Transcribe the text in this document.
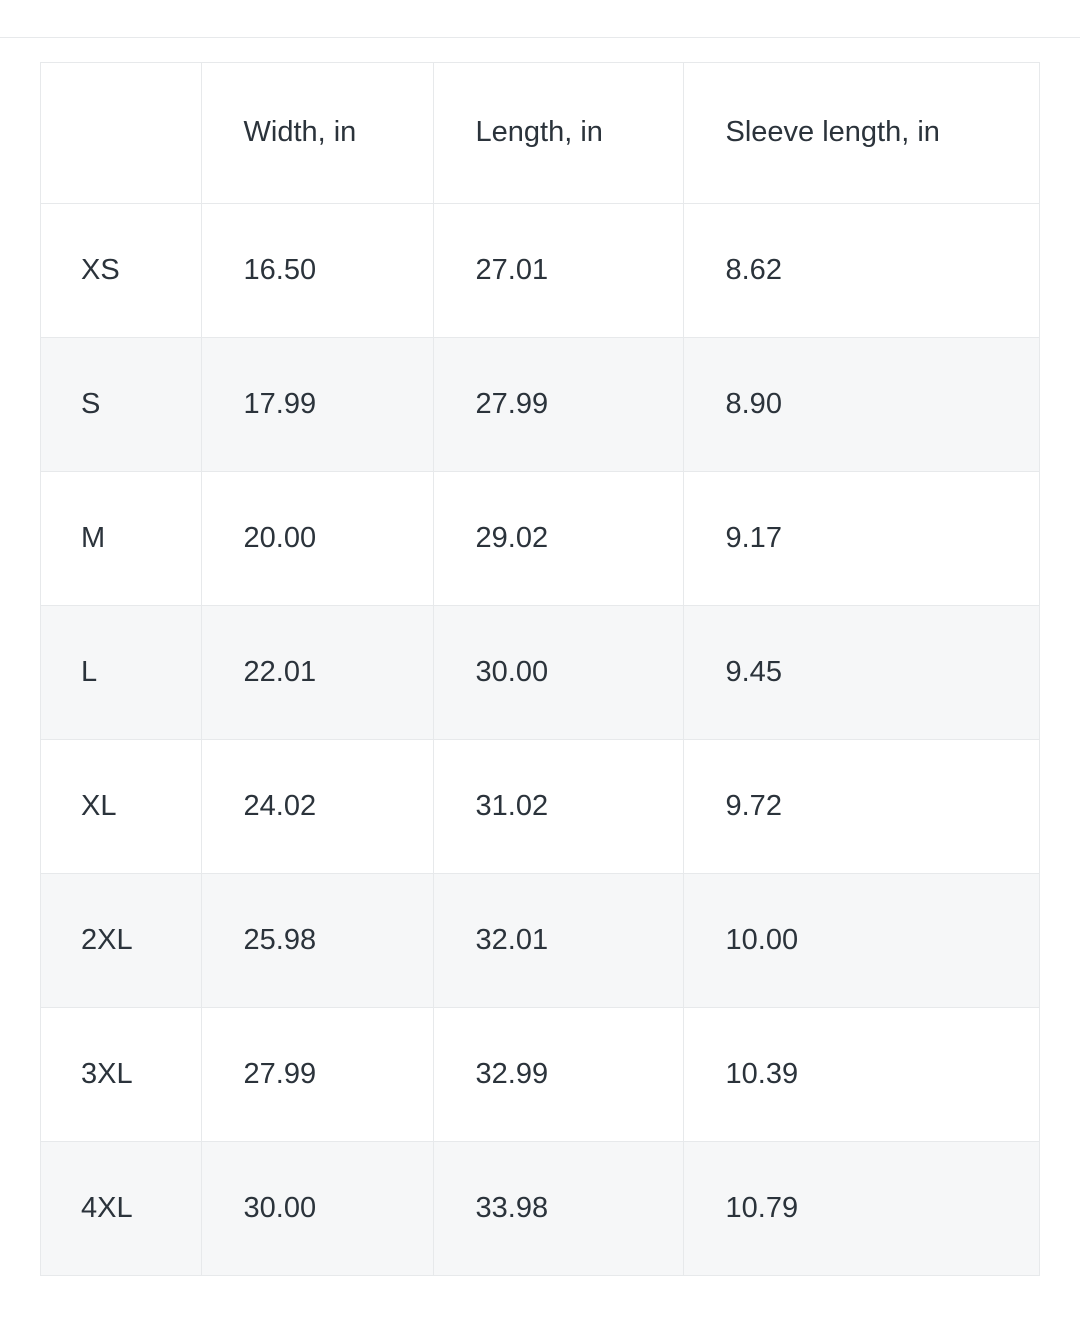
	Width, in	Length, in	Sleeve length, in
XS	16.50	27.01	8.62
S	17.99	27.99	8.90
M	20.00	29.02	9.17
L	22.01	30.00	9.45
XL	24.02	31.02	9.72
2XL	25.98	32.01	10.00
3XL	27.99	32.99	10.39
4XL	30.00	33.98	10.79
